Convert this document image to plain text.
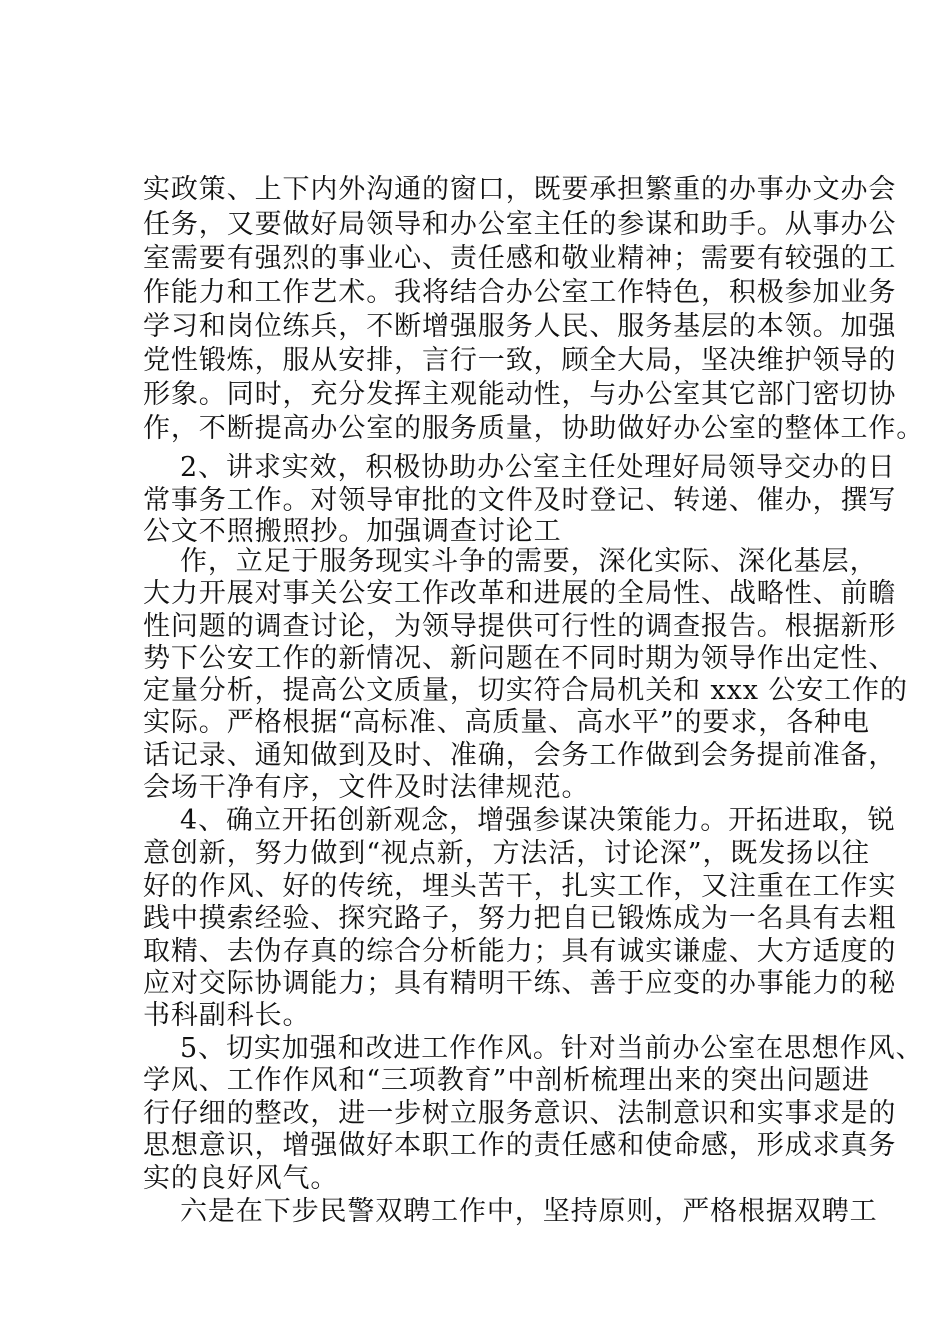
实政策、上下内外沟通的窗口，既要承担繁重的办事办文办会
任务，又要做好局领导和办公室主任的参谋和助手。从事办公
室需要有强烈的事业心、责任感和敬业精神；需要有较强的工
作能力和工作艺术。我将结合办公室工作特色，积极参加业务
学习和岗位练兵，不断增强服务人民、服务基层的本领。加强
党性锻炼，服从安排，言行一致，顾全大局，坚决维护领导的
形象。同时，充分发挥主观能动性，与办公室其它部门密切协
作，不断提高办公室的服务质量，协助做好办公室的整体工作。
2、讲求实效，积极协助办公室主任处理好局领导交办的日
常事务工作。对领导审批的文件及时登记、转递、催办，撰写
公文不照搬照抄。加强调查讨论工
作，立足于服务现实斗争的需要，深化实际、深化基层，
大力开展对事关公安工作改革和进展的全局性、战略性、前瞻
性问题的调查讨论，为领导提供可行性的调查报告。根据新形
势下公安工作的新情况、新问题在不同时期为领导作出定性、
定量分析，提高公文质量，切实符合局机关和 xxx 公安工作的
实际。严格根据“高标准、高质量、高水平”的要求，各种电
话记录、通知做到及时、准确，会务工作做到会务提前准备，
会场干净有序，文件及时法律规范。
4、确立开拓创新观念，增强参谋决策能力。开拓进取，锐
意创新，努力做到“视点新，方法活，讨论深”，既发扬以往
好的作风、好的传统，埋头苦干，扎实工作，又注重在工作实
践中摸索经验、探究路子，努力把自已锻炼成为一名具有去粗
取精、去伪存真的综合分析能力；具有诚实谦虚、大方适度的
应对交际协调能力；具有精明干练、善于应变的办事能力的秘
书科副科长。
5、切实加强和改进工作作风。针对当前办公室在思想作风、
学风、工作作风和“三项教育”中剖析梳理出来的突出问题进
行仔细的整改，进一步树立服务意识、法制意识和实事求是的
思想意识，增强做好本职工作的责任感和使命感，形成求真务
实的良好风气。
六是在下步民警双聘工作中，坚持原则，严格根据双聘工
